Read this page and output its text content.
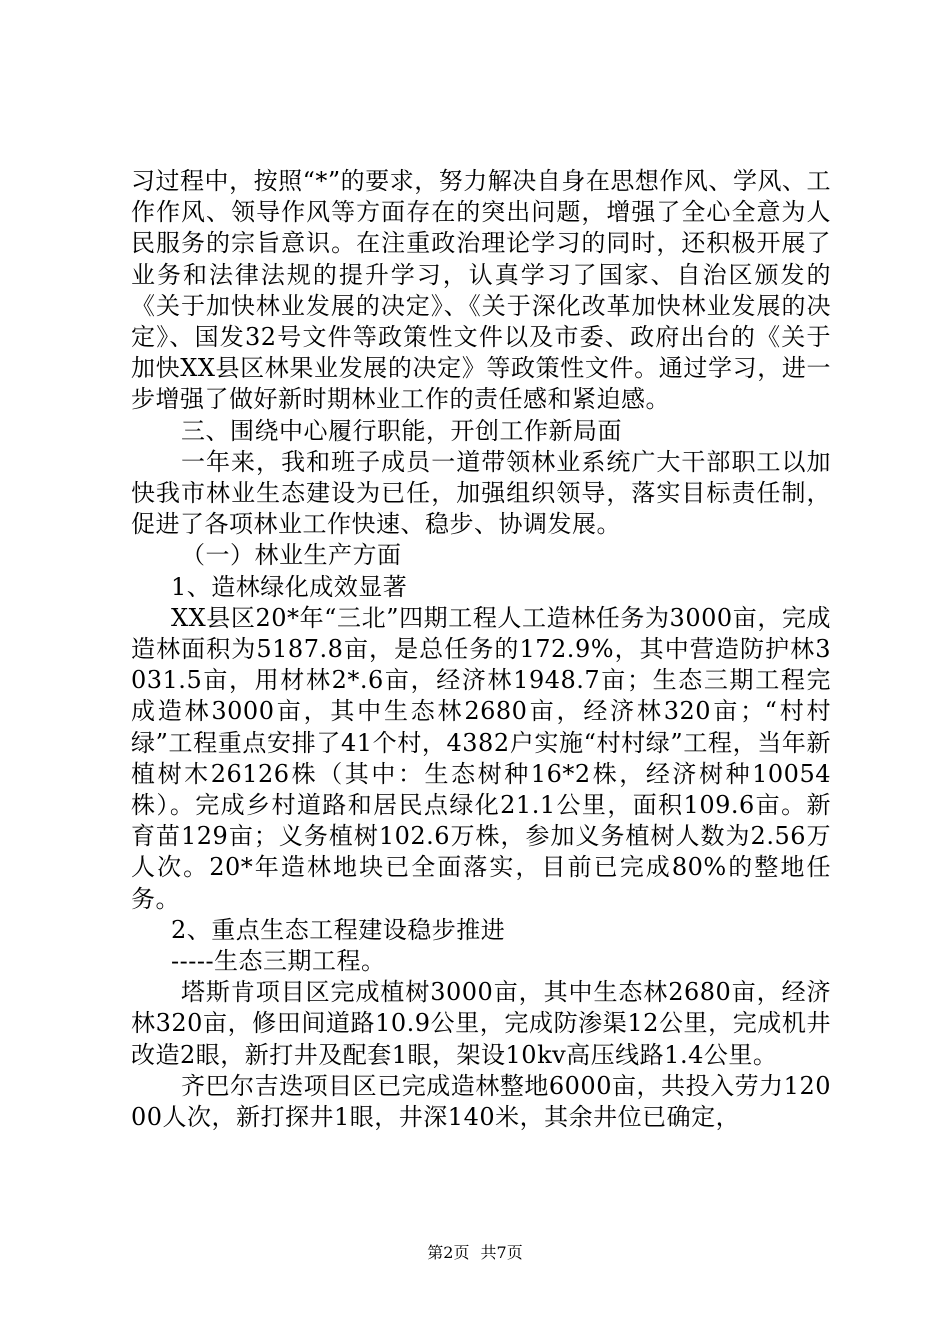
习过程中，按照“*”的要求，努力解决自身在思想作风、学风、工作作风、领导作风等方面存在的突出问题，增强了全心全意为人民服务的宗旨意识。在注重政治理论学习的同时，还积极开展了业务和法律法规的提升学习，认真学习了国家、自治区颁发的《关于加快林业发展的决定》、《关于深化改革加快林业发展的决定》、国发32号文件等政策性文件以及市委、政府出台的《关于加快XX县区林果业发展的决定》等政策性文件。通过学习，进一步增强了做好新时期林业工作的责任感和紧迫感。

三、围绕中心履行职能，开创工作新局面

一年来，我和班子成员一道带领林业系统广大干部职工以加快我市林业生态建设为已任，加强组织领导，落实目标责任制，促进了各项林业工作快速、稳步、协调发展。

（一）林业生产方面

1、造林绿化成效显著

XX县区20*年“三北”四期工程人工造林任务为3000亩，完成造林面积为5187.8亩，是总任务的172.9%，其中营造防护林3031.5亩，用材林2*.6亩，经济林1948.7亩；生态三期工程完成造林3000亩，其中生态林2680亩，经济林320亩；“村村绿”工程重点安排了41个村，4382户实施“村村绿”工程，当年新植树木26126株（其中：生态树种16*2株，经济树种10054株）。完成乡村道路和居民点绿化21.1公里，面积109.6亩。新育苗129亩；义务植树102.6万株，参加义务植树人数为2.56万人次。20*年造林地块已全面落实，目前已完成80%的整地任务。

2、重点生态工程建设稳步推进

-----生态三期工程。

塔斯肯项目区完成植树3000亩，其中生态林2680亩，经济林320亩，修田间道路10.9公里，完成防渗渠12公里，完成机井改造2眼，新打井及配套1眼，架设10kv高压线路1.4公里。

齐巴尔吉迭项目区已完成造林整地6000亩，共投入劳力12000人次，新打探井1眼，井深140米，其余井位已确定，

第2页 共7页
